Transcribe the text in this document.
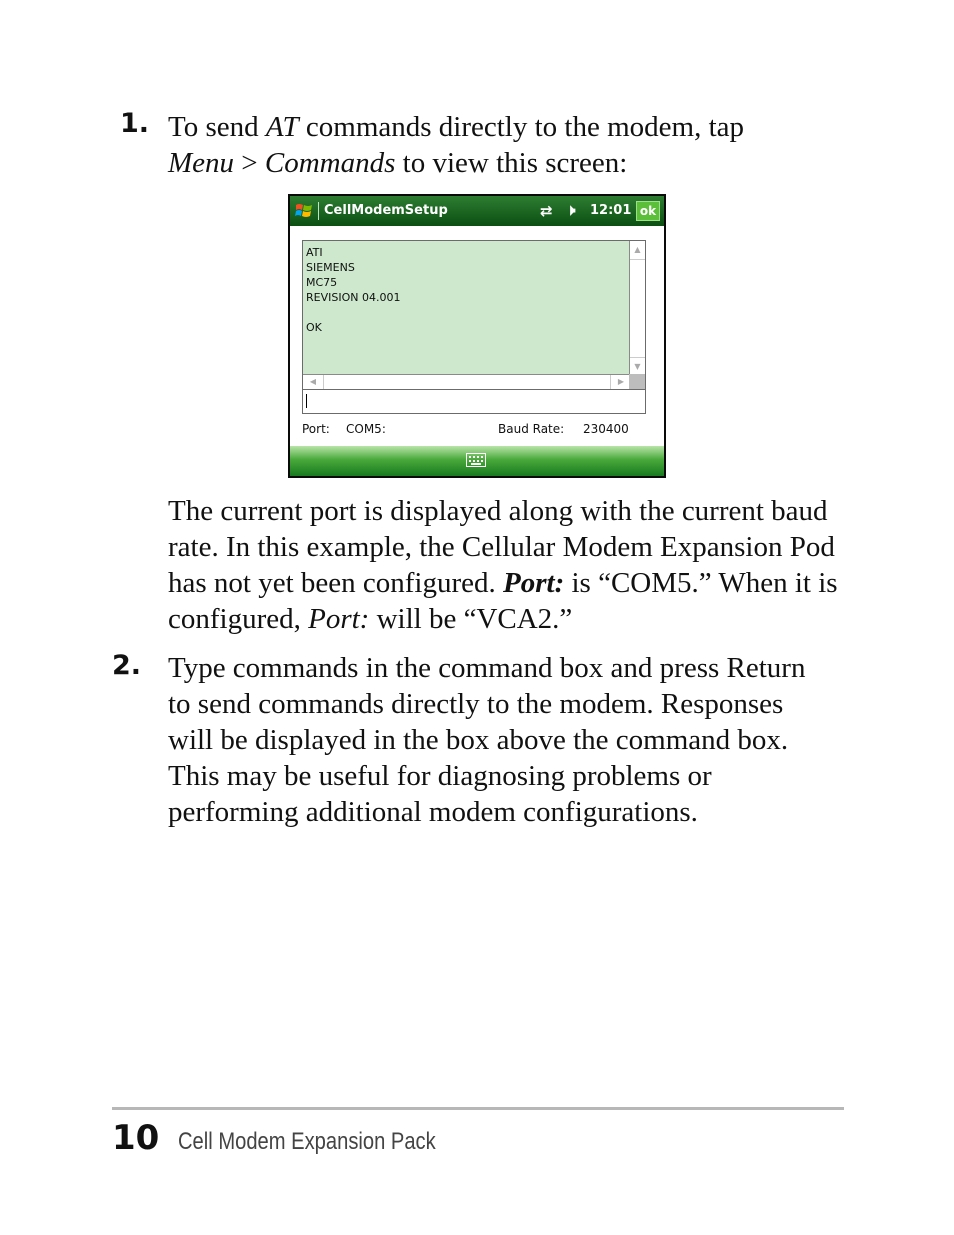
1. To send AT commands directly to the modem, tap
Menu > Commands to view this screen:
CellModemSetup	⇄ 🕨 12:01 ok
ATI
SIEMENS
MC75
REVISION 04.001
OK
▲
▼
◀	▶
Port: COM5:	Baud Rate: 230400
The current port is displayed along with the current baud rate. In this example, the Cellular Modem Expansion Pod has not yet been configured. Port: is “COM5.” When it is configured, Port: will be “VCA2.”
2. Type commands in the command box and press Return to send commands directly to the modem. Responses will be displayed in the box above the command box. This may be useful for diagnosing problems or performing additional modem configurations.
10 Cell Modem Expansion Pack
